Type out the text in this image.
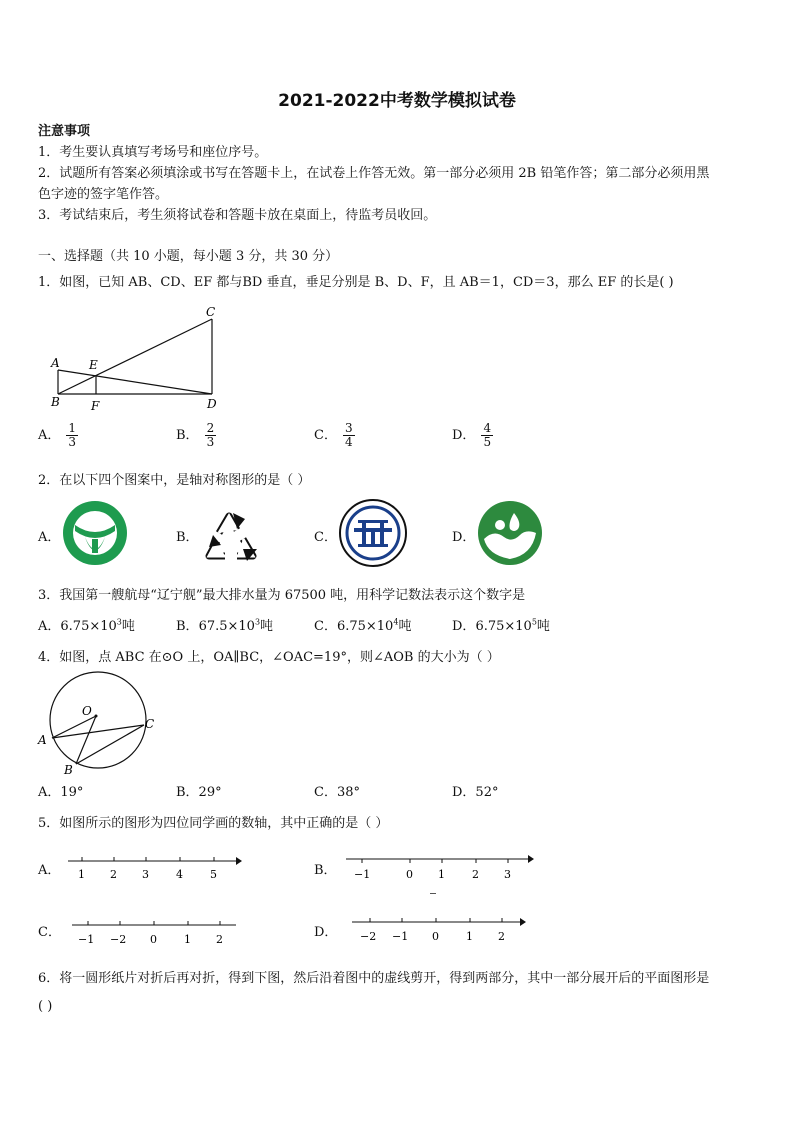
2021-2022中考数学模拟试卷
注意事项
1．考生要认真填写考场号和座位序号。
2．试题所有答案必须填涂或书写在答题卡上，在试卷上作答无效。第一部分必须用 2B 铅笔作答；第二部分必须用黑
色字迹的签字笔作答。
3．考试结束后，考生须将试卷和答题卡放在桌面上，待监考员收回。
一、选择题（共 10 小题，每小题 3 分，共 30 分）
1．如图，已知 AB、CD、EF 都与BD 垂直，垂足分别是 B、D、F，且 AB＝1，CD＝3，那么 EF 的长是( )
A
B
C
D
E
F
A． $\frac{1}{3}$	B． $\frac{2}{3}$	C． $\frac{3}{4}$	D． $\frac{4}{5}$
2．在以下四个图案中，是轴对称图形的是（ ）
A．	B．	C．	D．
3．我国第一艘航母“辽宁舰”最大排水量为 67500 吨，用科学记数法表示这个数字是
A．$6.75\times 10^3$吨	B．$67.5\times 10^3$吨	C．$6.75\times 10^4$吨	D．$6.75\times 10^5$吨
4．如图，点 ABC 在⊙O 上，OA∥BC，∠OAC=19°，则∠AOB 的大小为（ ）
O
A
B
C
A．19°	B．29°	C．38°	D．52°
5．如图所示的图形为四位同学画的数轴，其中正确的是（ ）
A． 1 2 3 4 5	B． −1	0 1 2 3
C． −1 −2 0 1 2	D． −2 −1 0 1 2
6．将一圆形纸片对折后再对折，得到下图，然后沿着图中的虚线剪开，得到两部分，其中一部分展开后的平面图形是
( )
